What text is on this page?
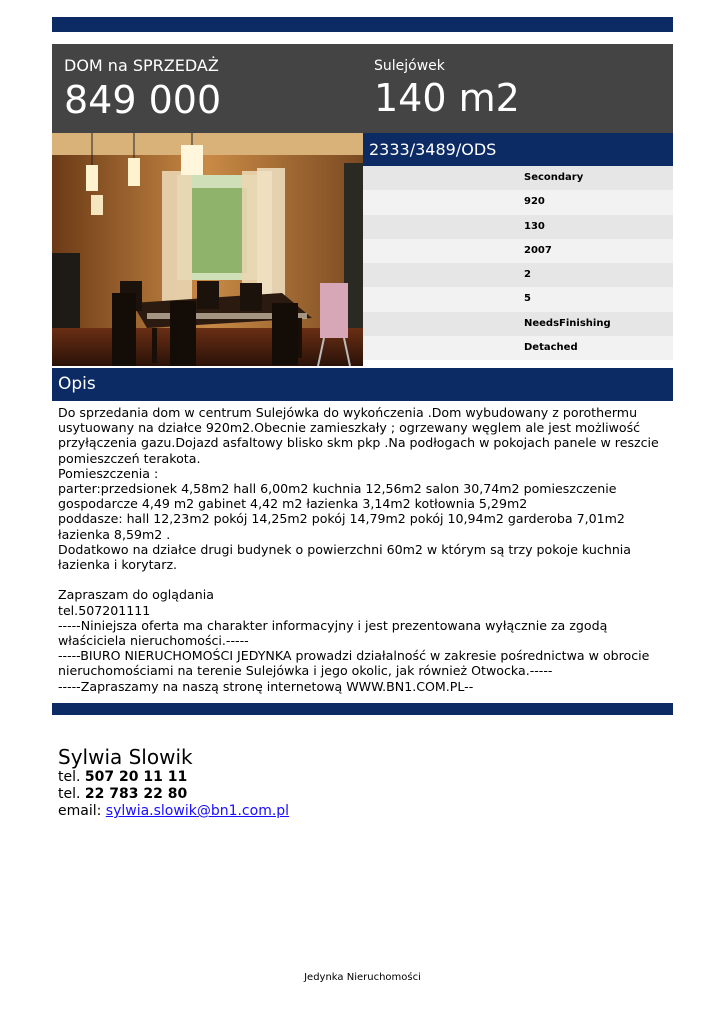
DOM na SPRZEDAŻ
849 000
Sulejówek
140 m2
2333/3489/ODS
Secondary
920
130
2007
2
5
NeedsFinishing
Detached
Opis
Do sprzedania dom w centrum Sulejówka do wykończenia .Dom wybudowany z porothermu usytuowany na działce 920m2.Obecnie zamieszkały ; ogrzewany węglem ale jest możliwość przyłączenia gazu.Dojazd asfaltowy blisko skm pkp .Na podłogach w pokojach panele w reszcie pomieszczeń terakota.
Pomieszczenia :
parter:przedsionek 4,58m2 hall 6,00m2 kuchnia 12,56m2 salon 30,74m2 pomieszczenie gospodarcze 4,49 m2 gabinet 4,42 m2 łazienka 3,14m2 kotłownia 5,29m2
poddasze: hall 12,23m2 pokój 14,25m2 pokój 14,79m2 pokój 10,94m2 garderoba 7,01m2 łazienka 8,59m2 .
Dodatkowo na działce drugi budynek o powierzchni 60m2 w którym są trzy pokoje kuchnia łazienka i korytarz.

Zapraszam do oglądania
tel.507201111
-----Niniejsza oferta ma charakter informacyjny i jest prezentowana wyłącznie za zgodą właściciela nieruchomości.-----
-----BIURO NIERUCHOMOŚCI JEDYNKA prowadzi działalność w zakresie pośrednictwa w obrocie nieruchomościami na terenie Sulejówka i jego okolic, jak również Otwocka.-----
-----Zapraszamy na naszą stronę internetową WWW.BN1.COM.PL--
Sylwia Slowik
tel. 507 20 11 11
tel. 22 783 22 80
email: sylwia.slowik@bn1.com.pl
Jedynka Nieruchomości
